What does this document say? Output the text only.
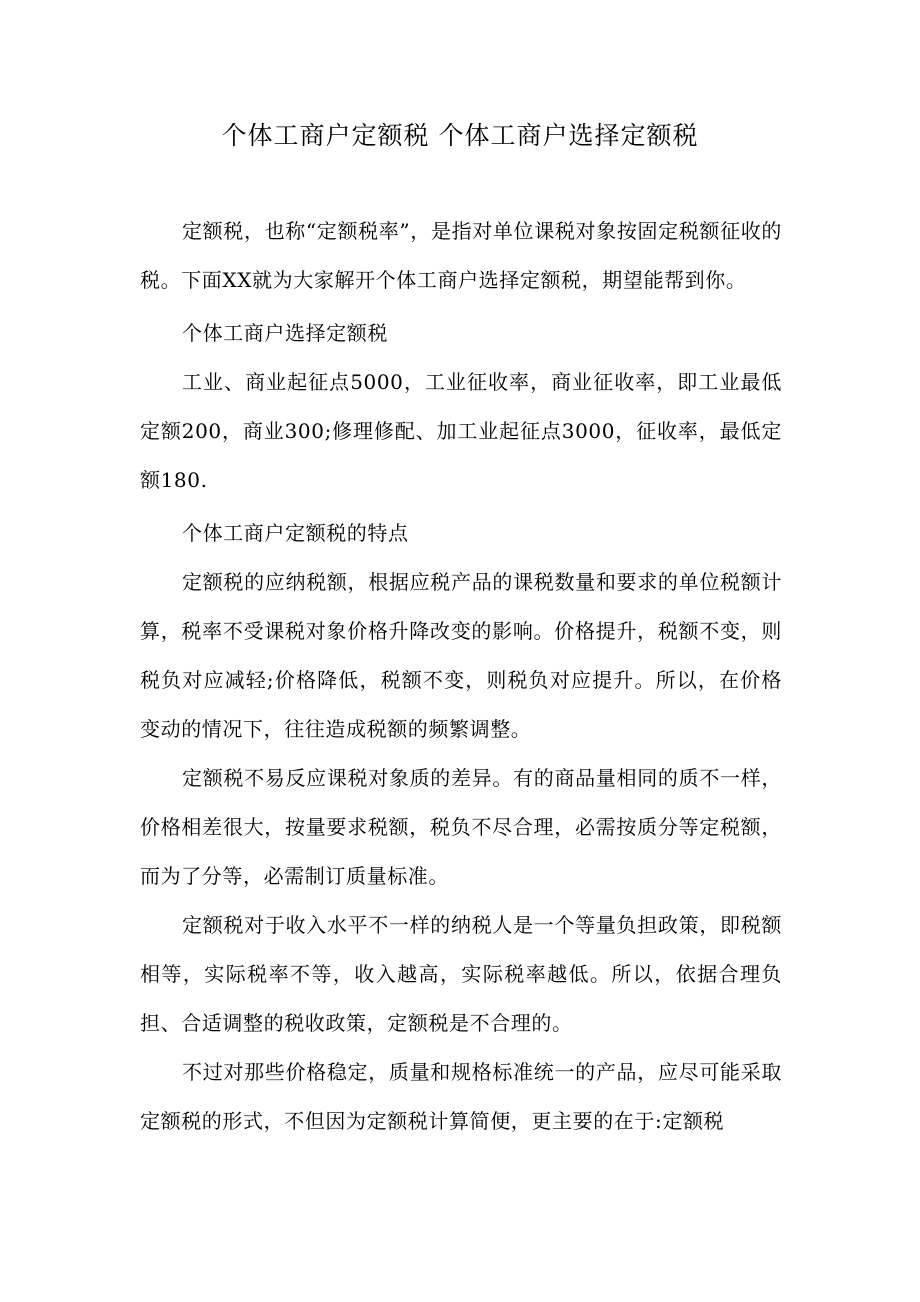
个体工商户定额税 个体工商户选择定额税

定额税，也称“定额税率”，是指对单位课税对象按固定税额征收的税。下面XX就为大家解开个体工商户选择定额税，期望能帮到你。

个体工商户选择定额税

工业、商业起征点5000，工业征收率，商业征收率，即工业最低定额200，商业300;修理修配、加工业起征点3000，征收率，最低定额180.

个体工商户定额税的特点

定额税的应纳税额，根据应税产品的课税数量和要求的单位税额计算，税率不受课税对象价格升降改变的影响。价格提升，税额不变，则税负对应减轻;价格降低，税额不变，则税负对应提升。所以，在价格变动的情况下，往往造成税额的频繁调整。

定额税不易反应课税对象质的差异。有的商品量相同的质不一样，价格相差很大，按量要求税额，税负不尽合理，必需按质分等定税额，而为了分等，必需制订质量标准。

定额税对于收入水平不一样的纳税人是一个等量负担政策，即税额相等，实际税率不等，收入越高，实际税率越低。所以，依据合理负担、合适调整的税收政策，定额税是不合理的。

不过对那些价格稳定，质量和规格标准统一的产品，应尽可能采取定额税的形式，不但因为定额税计算简便，更主要的在于:定额税
